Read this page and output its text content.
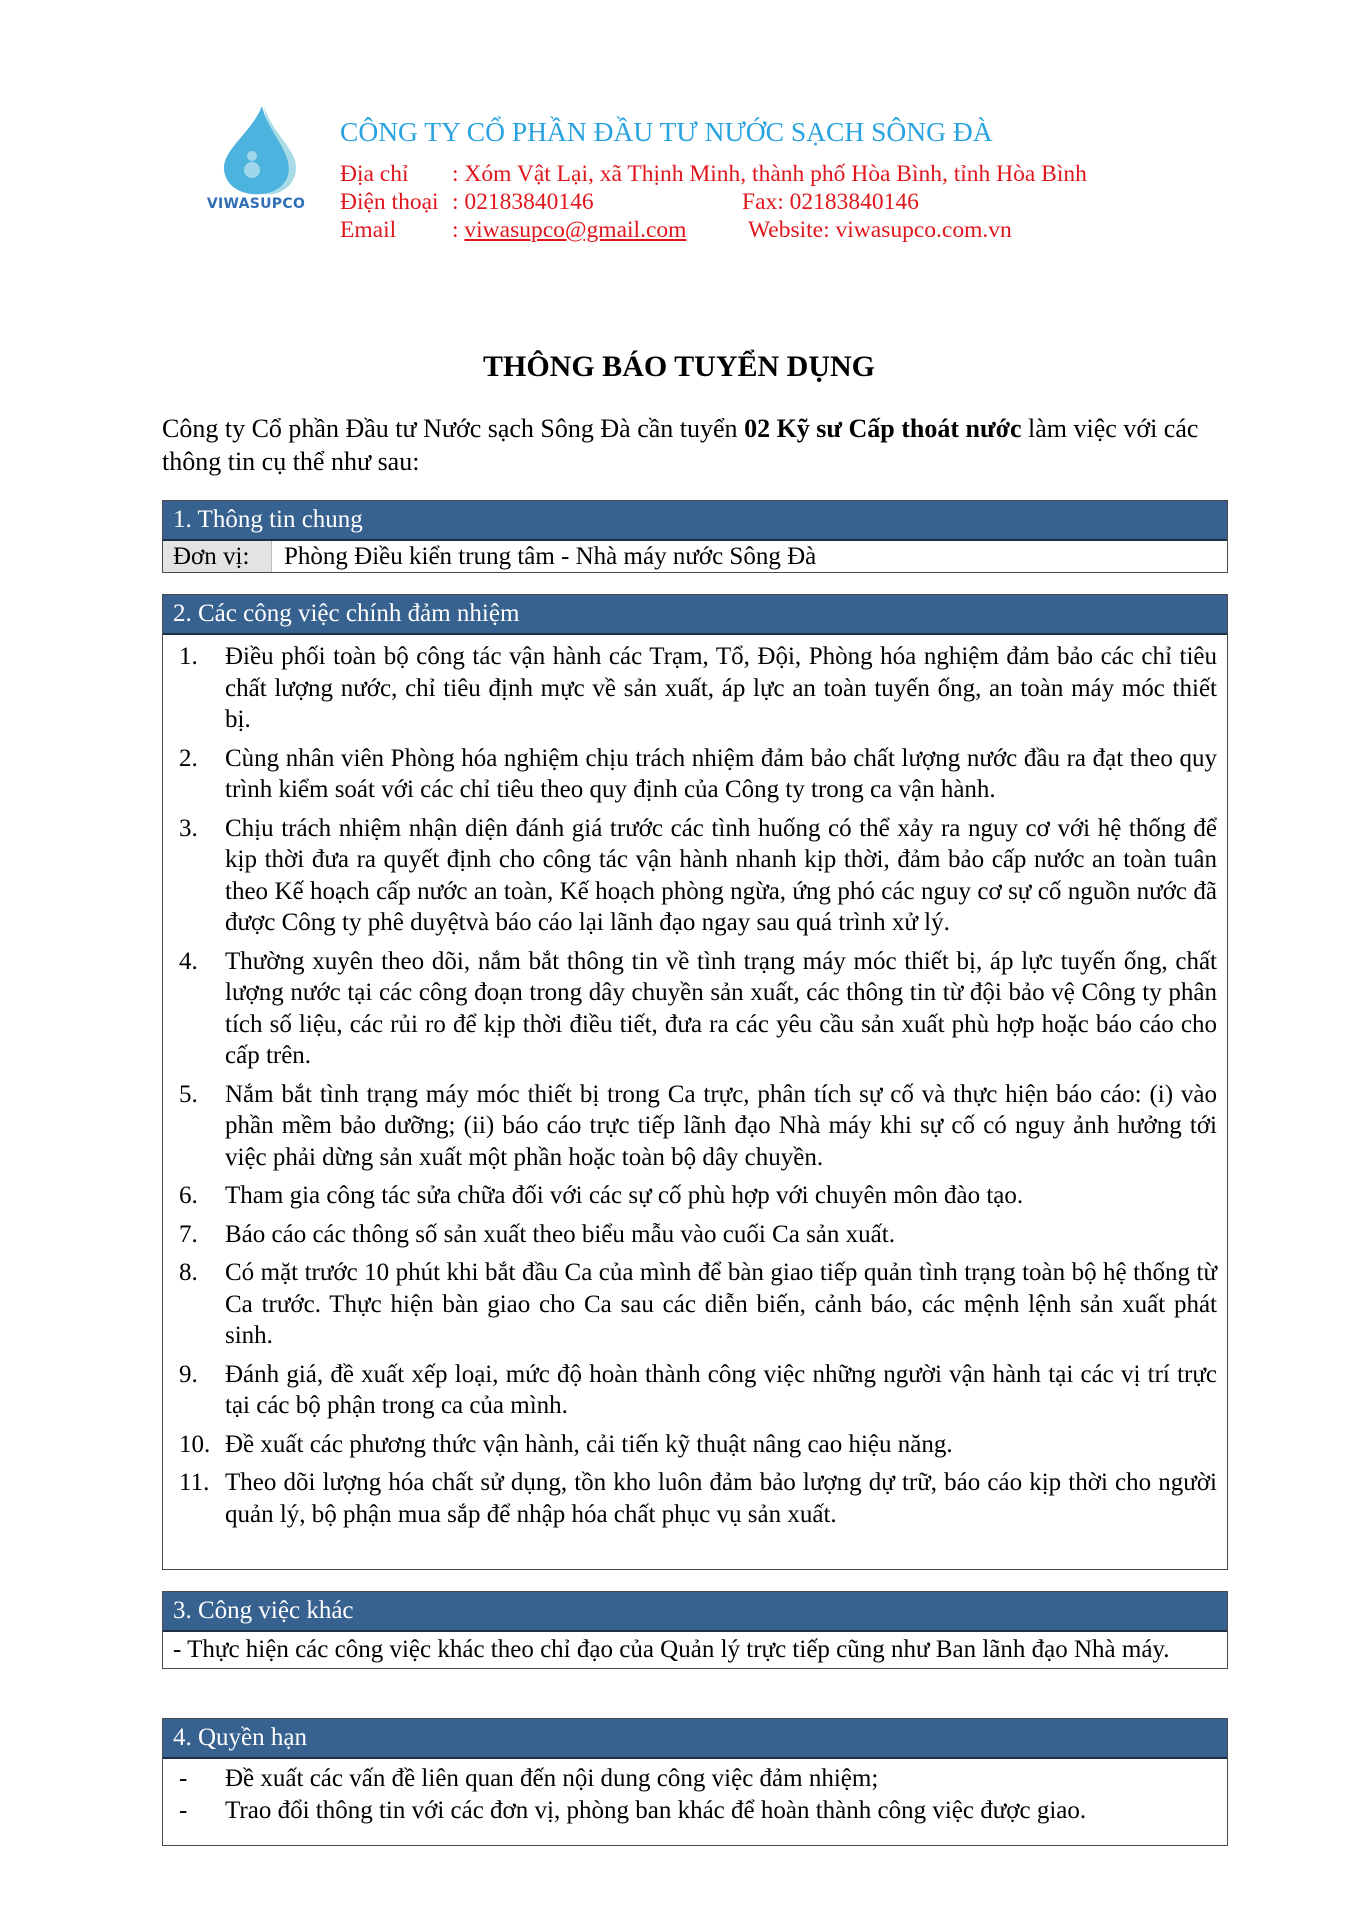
VIWASUPCO
CÔNG TY CỔ PHẦN ĐẦU TƯ NƯỚC SẠCH SÔNG ĐÀ
Địa chỉ : Xóm Vật Lại, xã Thịnh Minh, thành phố Hòa Bình, tỉnh Hòa Bình
Điện thoại : 02183840146	Fax: 02183840146
Email : viwasupco@gmail.com	Website: viwasupco.com.vn
THÔNG BÁO TUYỂN DỤNG
Công ty Cổ phần Đầu tư Nước sạch Sông Đà cần tuyển 02 Kỹ sư Cấp thoát nước làm việc với các thông tin cụ thể như sau:
1. Thông tin chung
Đơn vị:	Phòng Điều kiển trung tâm - Nhà máy nước Sông Đà
2. Các công việc chính đảm nhiệm
1.	Điều phối toàn bộ công tác vận hành các Trạm, Tổ, Đội, Phòng hóa nghiệm đảm bảo các chỉ tiêu chất lượng nước, chỉ tiêu định mực về sản xuất, áp lực an toàn tuyến ống, an toàn máy móc thiết bị.
2.	Cùng nhân viên Phòng hóa nghiệm chịu trách nhiệm đảm bảo chất lượng nước đầu ra đạt theo quy trình kiểm soát với các chỉ tiêu theo quy định của Công ty trong ca vận hành.
3.	Chịu trách nhiệm nhận diện đánh giá trước các tình huống có thể xảy ra nguy cơ với hệ thống để kịp thời đưa ra quyết định cho công tác vận hành nhanh kịp thời, đảm bảo cấp nước an toàn tuân theo Kế hoạch cấp nước an toàn, Kế hoạch phòng ngừa, ứng phó các nguy cơ sự cố nguồn nước đã được Công ty phê duyệtvà báo cáo lại lãnh đạo ngay sau quá trình xử lý.
4.	Thường xuyên theo dõi, nắm bắt thông tin về tình trạng máy móc thiết bị, áp lực tuyến ống, chất lượng nước tại các công đoạn trong dây chuyền sản xuất, các thông tin từ đội bảo vệ Công ty phân tích số liệu, các rủi ro để kịp thời điều tiết, đưa ra các yêu cầu sản xuất phù hợp hoặc báo cáo cho cấp trên.
5.	Nắm bắt tình trạng máy móc thiết bị trong Ca trực, phân tích sự cố và thực hiện báo cáo: (i) vào phần mềm bảo dưỡng; (ii) báo cáo trực tiếp lãnh đạo Nhà máy khi sự cố có nguy ảnh hưởng tới việc phải dừng sản xuất một phần hoặc toàn bộ dây chuyền.
6.	Tham gia công tác sửa chữa đối với các sự cố phù hợp với chuyên môn đào tạo.
7.	Báo cáo các thông số sản xuất theo biểu mẫu vào cuối Ca sản xuất.
8.	Có mặt trước 10 phút khi bắt đầu Ca của mình để bàn giao tiếp quản tình trạng toàn bộ hệ thống từ Ca trước. Thực hiện bàn giao cho Ca sau các diễn biến, cảnh báo, các mệnh lệnh sản xuất phát sinh.
9.	Đánh giá, đề xuất xếp loại, mức độ hoàn thành công việc những người vận hành tại các vị trí trực tại các bộ phận trong ca của mình.
10. Đề xuất các phương thức vận hành, cải tiến kỹ thuật nâng cao hiệu năng.
11. Theo dõi lượng hóa chất sử dụng, tồn kho luôn đảm bảo lượng dự trữ, báo cáo kịp thời cho người quản lý, bộ phận mua sắp để nhập hóa chất phục vụ sản xuất.
3. Công việc khác
- Thực hiện các công việc khác theo chỉ đạo của Quản lý trực tiếp cũng như Ban lãnh đạo Nhà máy.
4. Quyền hạn
-	Đề xuất các vấn đề liên quan đến nội dung công việc đảm nhiệm;
-	Trao đổi thông tin với các đơn vị, phòng ban khác để hoàn thành công việc được giao.
